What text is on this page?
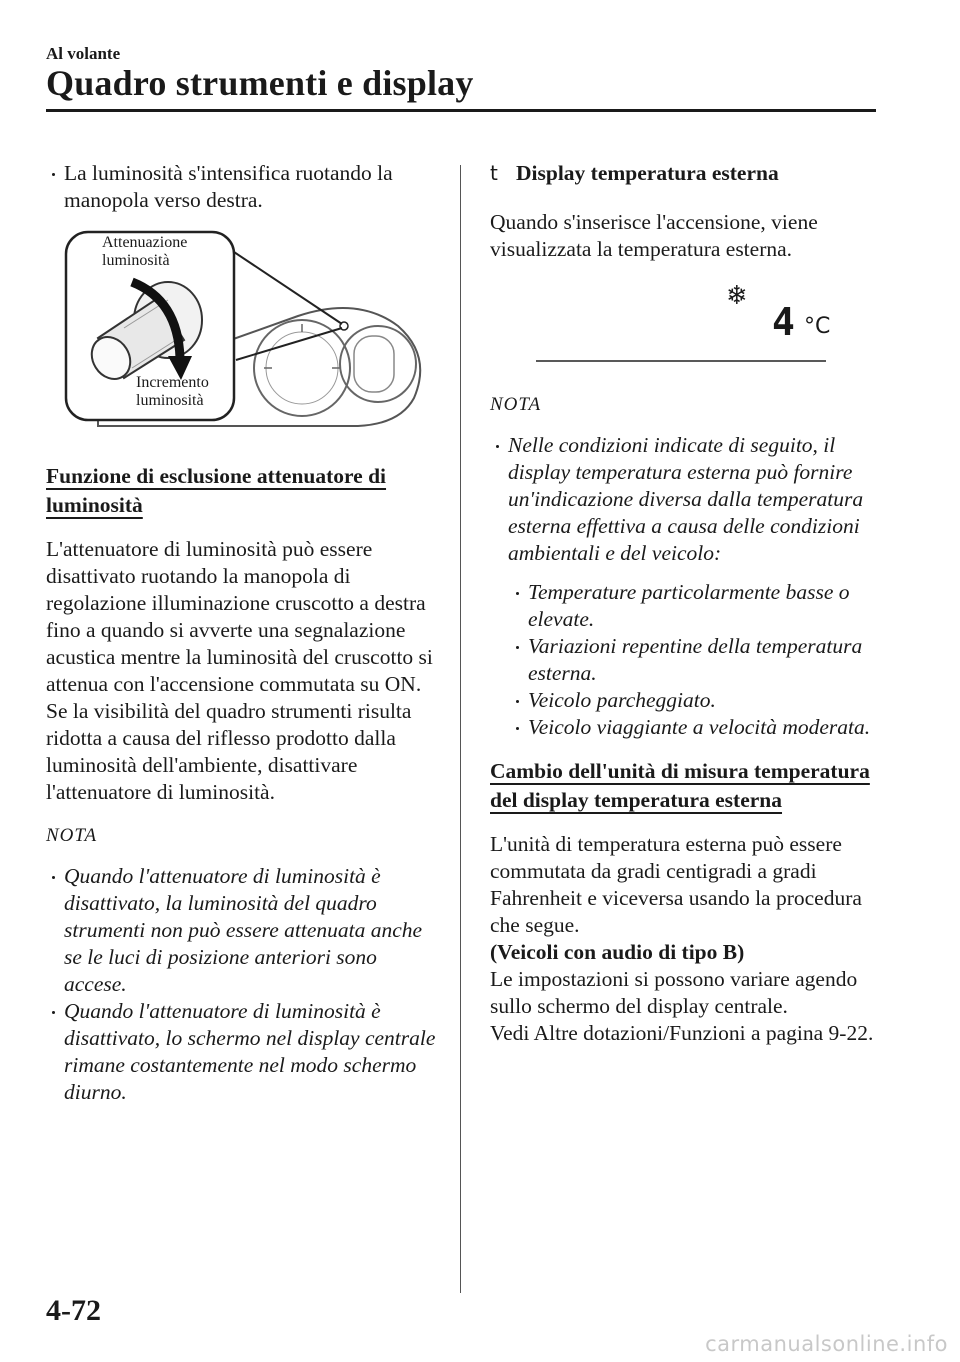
Al volante
Quadro strumenti e display

La luminosità s'intensifica ruotando la manopola verso destra.

Attenuazione
luminosità
Incremento
luminosità
Funzione di esclusione attenuatore di luminosità

L'attenuatore di luminosità può essere disattivato ruotando la manopola di regolazione illuminazione cruscotto a destra fino a quando si avverte una segnalazione acustica mentre la luminosità del cruscotto si attenua con l'accensione commutata su ON. Se la visibilità del quadro strumenti risulta ridotta a causa del riflesso prodotto dalla luminosità dell'ambiente, disattivare l'attenuatore di luminosità.

NOTA

Quando l'attenuatore di luminosità è disattivato, la luminosità del quadro strumenti non può essere attenuata anche se le luci di posizione anteriori sono accese.

Quando l'attenuatore di luminosità è disattivato, lo schermo nel display centrale rimane costantemente nel modo schermo diurno.

t Display temperatura esterna

Quando s'inserisce l'accensione, viene visualizzata la temperatura esterna.

❄
4 °C
NOTA

Nelle condizioni indicate di seguito, il display temperatura esterna può fornire un'indicazione diversa dalla temperatura esterna effettiva a causa delle condizioni ambientali e del veicolo:

Temperature particolarmente basse o elevate.

Variazioni repentine della temperatura esterna.

Veicolo parcheggiato.

Veicolo viaggiante a velocità moderata.

Cambio dell'unità di misura temperatura del display temperatura esterna

L'unità di temperatura esterna può essere commutata da gradi centigradi a gradi Fahrenheit e viceversa usando la procedura che segue.

(Veicoli con audio di tipo B)

Le impostazioni si possono variare agendo sullo schermo del display centrale.

Vedi Altre dotazioni/Funzioni a pagina 9-22.

4-72
carmanualsonline.info
